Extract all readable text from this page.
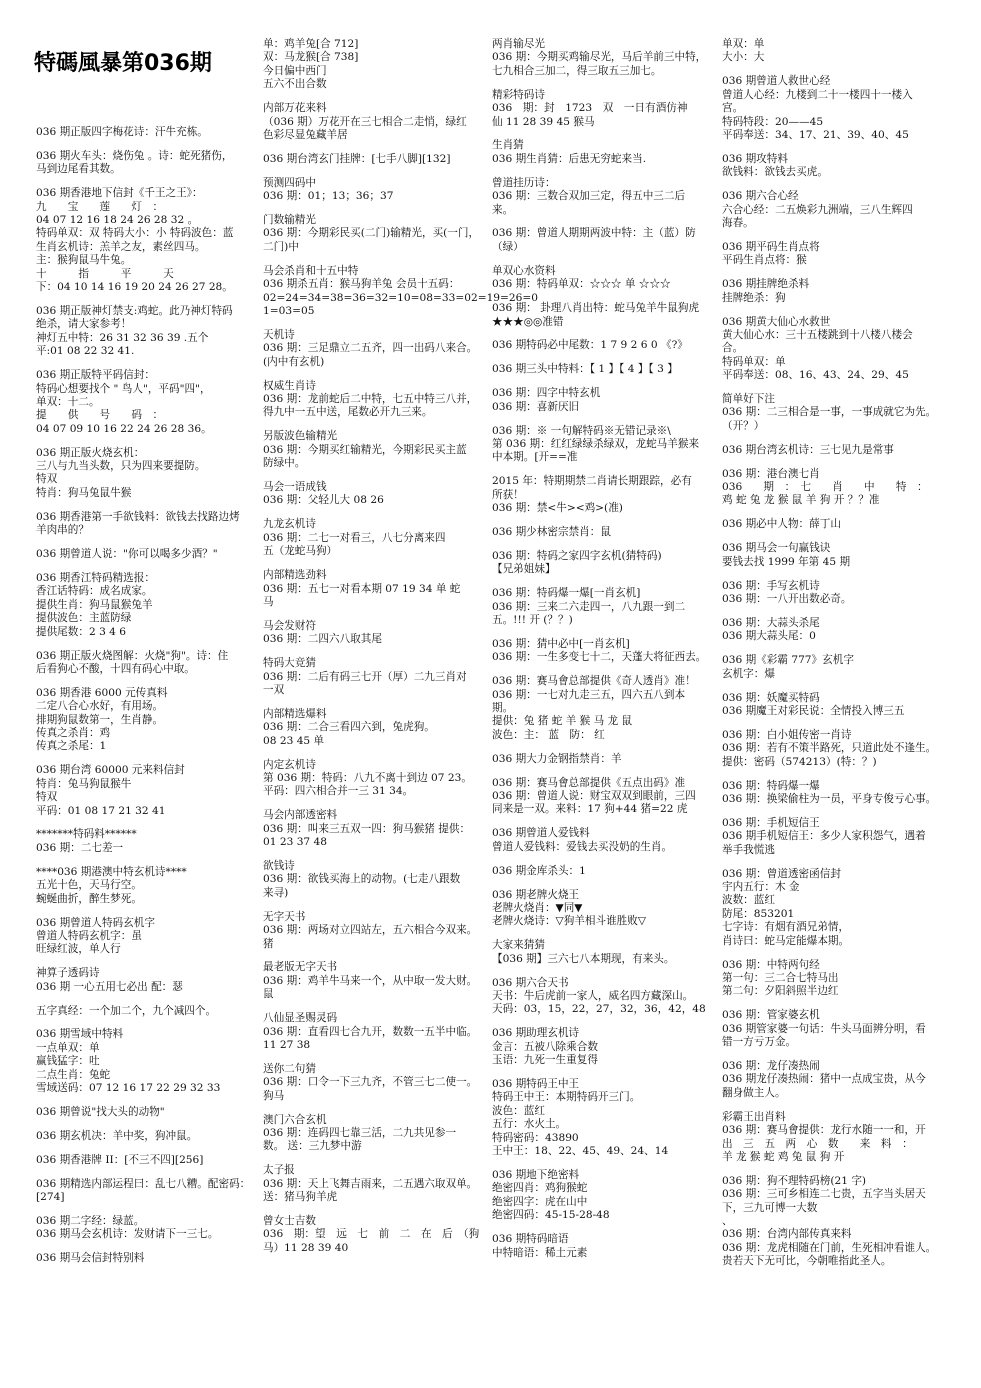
特碼風暴第036期
036 期正版四字梅花诗：汗牛充栋。
036 期火车头：烧伤兔 。诗：蛇死猪伤，
马到边尾看其数。
036 期香港地下信封《千王之王》：
九　　宝　　莲　　灯　：
04 07 12 16 18 24 26 28 32 。
特码单双：双 特码大小：小 特码波色：蓝
生肖玄机诗：羔羊之友，素丝四马。
主：猴狗鼠马牛兔。
十　　　指　　　平　　　天
下：04 10 14 16 19 20 24 26 27 28。
036 期正版神灯禁支:鸡蛇。此乃神灯特码
绝杀，请大家参考！
神灯五中特：26 31 32 36 39 .五个
平:01 08 22 32 41.
036 期正版特平码信封：
特码心想要找个 " 鸟人"，平码"四"，
单双：十二。
提　　供　　号　　码　：
04 07 09 10 16 22 24 26 28 36。
036 期正版火烧玄机：
三八与九当头数，只为四来要提防。
特双
特肖：狗马兔鼠牛猴
036 期香港第一手欲钱料：欲钱去找路边烤
羊肉串的？
036 期曾道人说："你可以喝多少酒？"
036 期香江特码精选报：
香江话特码：成名成家。
提供生肖：狗马鼠猴兔羊
提供波色：主蓝防绿
提供尾数：2 3 4 6
036 期正版火烧图解：火烧"狗"。诗：住
后看狗心不酸，十四有码心中取。
036 期香港 6000 元传真料
二定八合心水好，有用场。
排期狗鼠数第一，生肖静。
传真之杀肖：鸡
传真之杀尾：1
036 期台湾 60000 元来料信封
特肖：兔马狗鼠猴牛
特双
平码：01 08 17 21 32 41
*******特码料******
036 期：二七差一
****036 期港澳中特玄机诗****
五光十色，天马行空。
蜿蜒曲折，醉生梦死。
036 期曾道人特码玄机字
曾道人特码玄机字：虽
旺绿红波，单人行
神算子透码诗
036 期 一心五用七必出 配：瑟
五字真经：一个加二个，九个减四个。
036 期雪域中特料
一点单双：单
赢钱猛字：吐
二点生肖：兔蛇
雪域送码：07 12 16 17 22 29 32 33
036 期曾说"找大头的动物"
036 期玄机决：羊中奖，狗冲鼠。
036 期香港牌 II：[不三不四][256]
036 期精选内部运程曰：乱七八糟。配密码：
[274]
036 期二字经：绿蓝。
036 期马会玄机诗：发财请下一三七。
036 期马会信封特别料
单：鸡羊兔[合 712]
双：马龙猴[合 738]
今日偏中西门
五六不出合数
内部万花来料
（036 期）万花开在三七相合二走悄，绿红
色彩尽显兔藏羊居
036 期台湾玄门挂牌：[七手八脚][132]
预测四码中
036 期：01；13；36；37
门数输精光
036 期：今期彩民买(二门)输精光，买(一门，
二门)中
马会杀肖和十五中特
036 期杀五肖：猴马狗羊兔 会员十五码：
02=24=34=38=36=32=10=08=33=02=19=26=0
1=03=05
天机诗
036 期：三足鼎立二五齐，四一出码八来合。
(内中有玄机)
权威生肖诗
036 期：龙前蛇后二中特，七五中特三八并，
得九中一五中送，尾数必开九三来。
另版波色输精光
036 期：今期买红输精光，今期彩民买主蓝
防绿中。
马会一语成钱
036 期：父轻儿大 08 26
九龙玄机诗
036 期：二七一对看三，八七分离来四
五（龙蛇马狗）
内部精选劲料
036 期：五七一对看本期 07 19 34 单 蛇
马
马会发财符
036 期：二四六八取其尾
特码大竞猜
036 期：二后有码三七开（厚）二九三肖对
一双
内部精选爆料
036 期：二合三看四六到，兔虎狗。
08 23 45 单
内定玄机诗
第 036 期：特码：八九不离十到边 07 23。
平码：四六相合并一三 31 34。
马会内部透密料
036 期：叫来三五双一四：狗马猴猪 提供：
01 23 37 48
欲钱诗
036 期：欲钱买海上的动物。(七走八跟数
来寻)
无字天书
036 期：两场对立四站左，五六相合今双来。
猪
最老版无字天书
036 期：鸡羊牛马来一个，从中取一发大财。
鼠
八仙显圣赐灵码
036 期：直看四七合九开，数数一五半中临。
11 27 38
送你二句猜
036 期：口令一下三九齐，不管三七二使一。
狗马
澳门六合玄机
036 期：连码四七靠三活，二九共见参一
数。 送：三九梦中游
太子报
036 期：天上飞舞吉雨来，二五遇六取双单。
送：猪马狗羊虎
曾女士吉数
036　期：望　远　七　前　二　在　后　（狗
马）11 28 39 40
两肖输尽光
036 期：今期买鸡输尽光，马后羊前三中特，
七九相合三加二，得三取五三加七。
精彩特码诗
036　期：封　1723　双　一日有酒仿神
仙 11 28 39 45 猴马
生肖猜
036 期生肖猜：后患无穷蛇来当.
曾道挂历诗：
036 期：三数合双加三定，得五中三二后
来。
036 期：曾道人期期两波中特：主（蓝）防
（绿）
单双心水资料
036 期：特码单双：☆☆☆ 单 ☆☆☆
036 期： 卦理八肖出特：蛇马兔羊牛鼠狗虎
★★★◎◎准错
036 期特码必中尾数：1 7 9 2 6 0 《?》
036 期三头中特料：【 1 】【 4 】【 3 】
036 期：四字中特玄机
036 期：喜新厌旧
036 期：※ 一句解特码※无错记录※\
第 036 期：红红绿绿杀绿双，龙蛇马羊猴来
中本期。[开==准
2015 年：特期期禁二肖请长期跟踪，必有
所获！
036 期：禁<牛><鸡>(准)
036 期少林密宗禁肖：鼠
036 期：特码之家四字玄机(猜特码)
【兄弟姐妹】
036 期：特码爆一爆[一肖玄机]
036 期：三来二六走四一，八九跟一到二
五。!!! 开 (？？)
036 期：猜中必中[一肖玄机]
036 期：一生多变七十二，天蓬大将征西去。
036 期：赛马會总部提供《奇人透肖》准！
036 期：一七对九走三五，四六五八到本
期。
提供：兔 猪 蛇 羊 猴 马 龙 鼠
波色：主： 蓝　防： 红
036 期大力金钢指禁肖：羊
036 期：赛马會总部提供《五点出码》准
036 期：曾道人说：财宝双双到眼前，三四
同来是一双。来料：17 狗+44 猪=22 虎
036 期曾道人爱钱料
曾道人爱钱料：爱钱去买没奶的生肖。
036 期金库杀头：1
036 期老牌火烧王
老牌火烧肖：▼同▼
老牌火烧诗：▽狗羊相斗谁胜败▽
大家来猜猜
【036 期】三六七八本期现，有来头。
036 期六合天书
天书：牛后虎前一家人，威名四方藏深山。
天码：03，15，22，27，32，36，42，48
036 期助理玄机诗
金言：五被八除乘合数
玉语：九死一生重复得
036 期特码王中王
特码王中王：本期特码开三门。
波色：蓝红
五行：水火土。
特码密码：43890
王中王：18、22、45、49、24、14
036 期地下绝密料
绝密四肖：鸡狗猴蛇
绝密四字：虎在山中
绝密四码：45-15-28-48
036 期特码暗语
中特暗语：稀土元素
单双：单
大小：大
036 期曾道人救世心经
曾道人心经：九楼到二十一楼四十一楼入
宫。
特码特段：20——45
平码奉送：34、17、21、39、40、45
036 期攻特料
欲钱料：欲钱去买虎。
036 期六合心经
六合心经：二五焕彩九洲端，三八生辉四
海春。
036 期平码生肖点将
平码生肖点将：猴
036 期挂牌绝杀料
挂牌绝杀：狗
036 期黄大仙心水救世
黄大仙心水：三十五楼跳到十八楼八楼会
合。
特码单双：单
平码奉送：08、16、43、24、29、45
简单好下注
036 期：二三相合是一事，一事成就它为先。
（开？）
036 期台湾玄机诗：三七见九是常事
036 期：港台澳七肖
036　　期　：　七　　肖　　中　　特　：
鸡 蛇 兔 龙 猴 鼠 羊 狗 开 ？？准
036 期必中人物：薛丁山
036 期马会一句赢钱诀
要钱去找 1999 年第 45 期
036 期：手写玄机诗
036 期：一八开出数必奇。
036 期：大蒜头杀尾
036 期大蒜头尾：0
036 期《彩霸 777》玄机字
玄机字：爆
036 期：妖魔买特码
036 期魔王对彩民说：全情投入博三五
036 期：白小姐传密一肖诗
036 期：若有不策半路死，只道此处不逢生。
提供：密码（574213）(特：？)
036 期：特码爆一爆
036 期：换梁偷柱为一员，平身专俊亏心事。
036 期：手机短信王
036 期手机短信王：多少人家积怨气，遇着
举手我慌逃
036 期：曾道透密函信封
宇内五行：木 金
波数：蓝红
防尾：853201
七字诗：有烟有酒兄弟情，
肖诗曰：蛇马定能爆本期。
036 期：中特两句经
第一句：三二合七特马出
第二句：夕阳斜照半边红
036 期：管家婆玄机
036 期管家婆一句话：牛头马面辨分明，看
错一方亏万金。
036 期：龙仔凑热闹
036 期龙仔凑热闹：猪中一点成宝贵，从今
翻身做主人。
彩霸王出肖料
036 期：赛马會提供：龙行水随一一和，开
出　三　五　两　心　数　　来　料　：
羊 龙 猴 蛇 鸡 兔 鼠 狗 开
036 期：狗不理特码榜(21 字)
036 期：三可乡相连二七贵，五字当头居天
下，三九可博一大数
、
036 期：台湾内部传真来料
036 期：龙虎相随在门前，生死相冲看谁人。
贵若天下无可比，今朝唯指此圣人。
